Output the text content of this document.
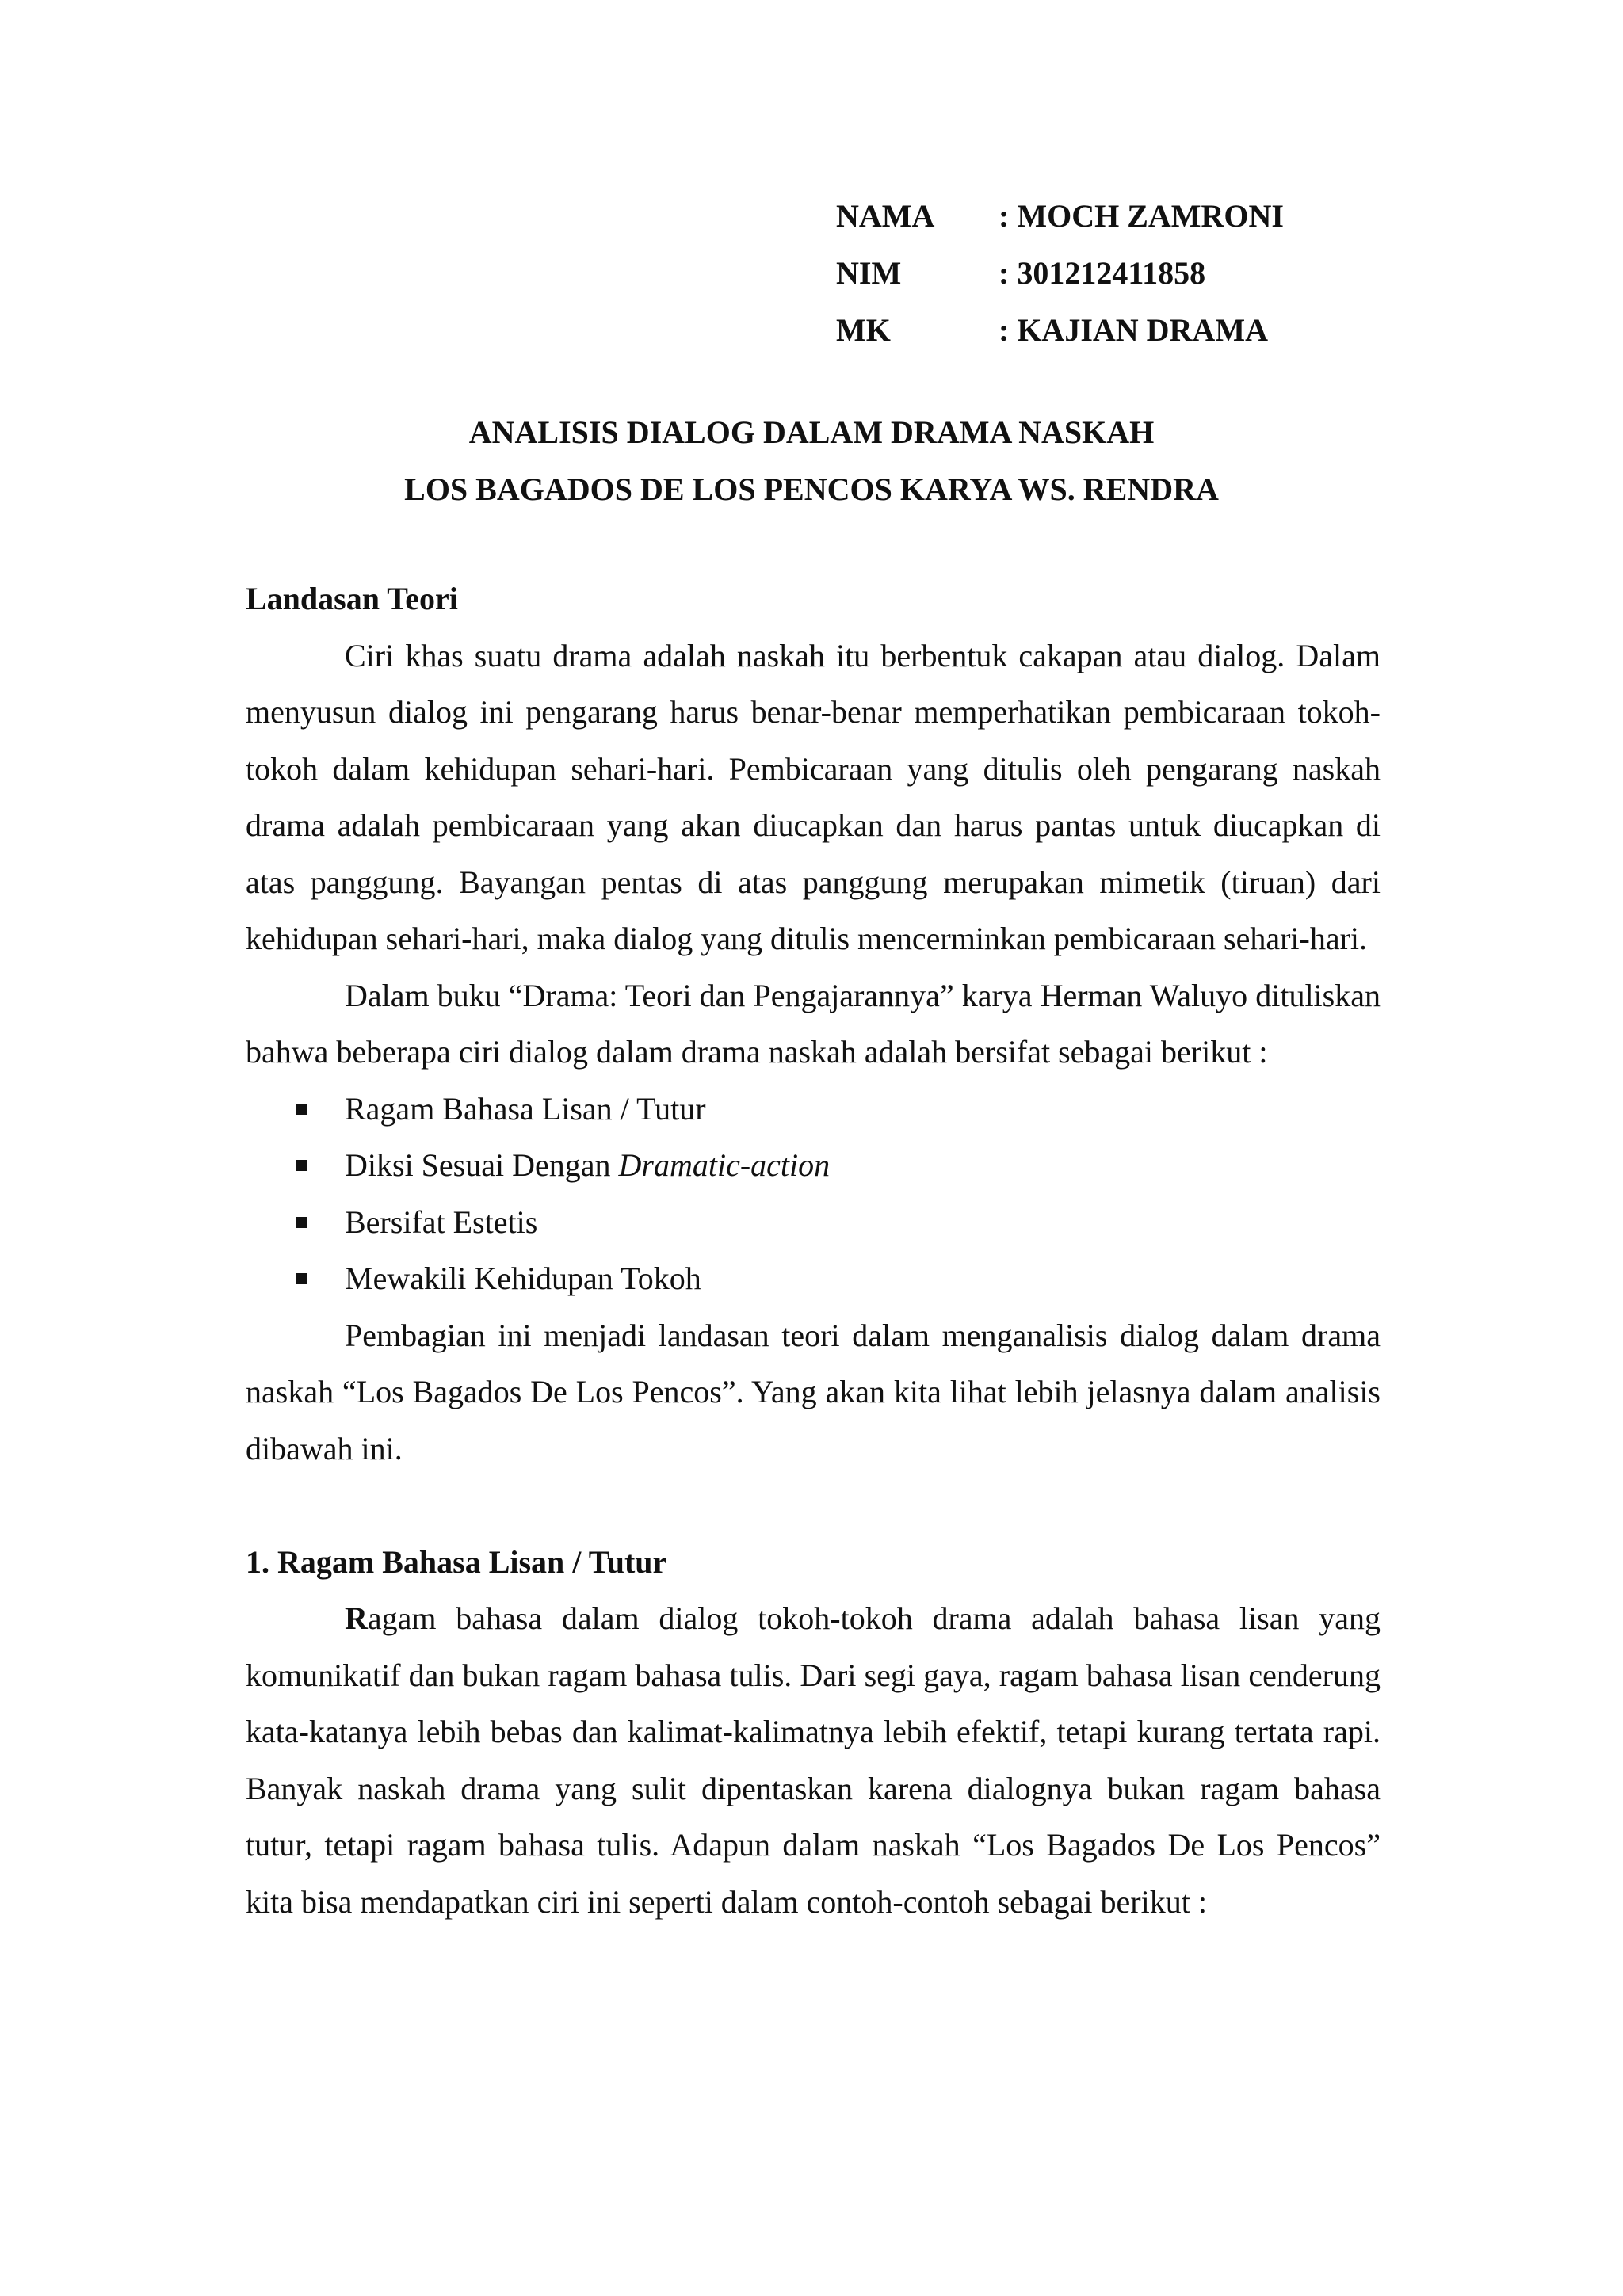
NAMA : MOCH ZAMRONI
NIM	: 301212411858
MK	: KAJIAN DRAMA
ANALISIS DIALOG DALAM DRAMA NASKAH
LOS BAGADOS DE LOS PENCOS KARYA WS. RENDRA

Landasan Teori

Ciri khas suatu drama adalah naskah itu berbentuk cakapan atau dialog. Dalam menyusun dialog ini pengarang harus benar-benar memperhatikan pembicaraan tokoh-tokoh dalam kehidupan sehari-hari. Pembicaraan yang ditulis oleh pengarang naskah drama adalah pembicaraan yang akan diucapkan dan harus pantas untuk diucapkan di atas panggung. Bayangan pentas di atas panggung merupakan mimetik (tiruan) dari kehidupan sehari-hari, maka dialog yang ditulis mencerminkan pembicaraan sehari-hari.

Dalam buku “Drama: Teori dan Pengajarannya” karya Herman Waluyo dituliskan bahwa beberapa ciri dialog dalam drama naskah adalah bersifat sebagai berikut :

Ragam Bahasa Lisan / Tutur
Diksi Sesuai Dengan Dramatic-action
Bersifat Estetis
Mewakili Kehidupan Tokoh

Pembagian ini menjadi landasan teori dalam menganalisis dialog dalam drama naskah “Los Bagados De Los Pencos”. Yang akan kita lihat lebih jelasnya dalam analisis dibawah ini.

1. Ragam Bahasa Lisan / Tutur

Ragam bahasa dalam dialog tokoh-tokoh drama adalah bahasa lisan yang komunikatif dan bukan ragam bahasa tulis. Dari segi gaya, ragam bahasa lisan cenderung kata-katanya lebih bebas dan kalimat-kalimatnya lebih efektif, tetapi kurang tertata rapi. Banyak naskah drama yang sulit dipentaskan karena dialognya bukan ragam bahasa tutur, tetapi ragam bahasa tulis. Adapun dalam naskah “Los Bagados De Los Pencos” kita bisa mendapatkan ciri ini seperti dalam contoh-contoh sebagai berikut :
